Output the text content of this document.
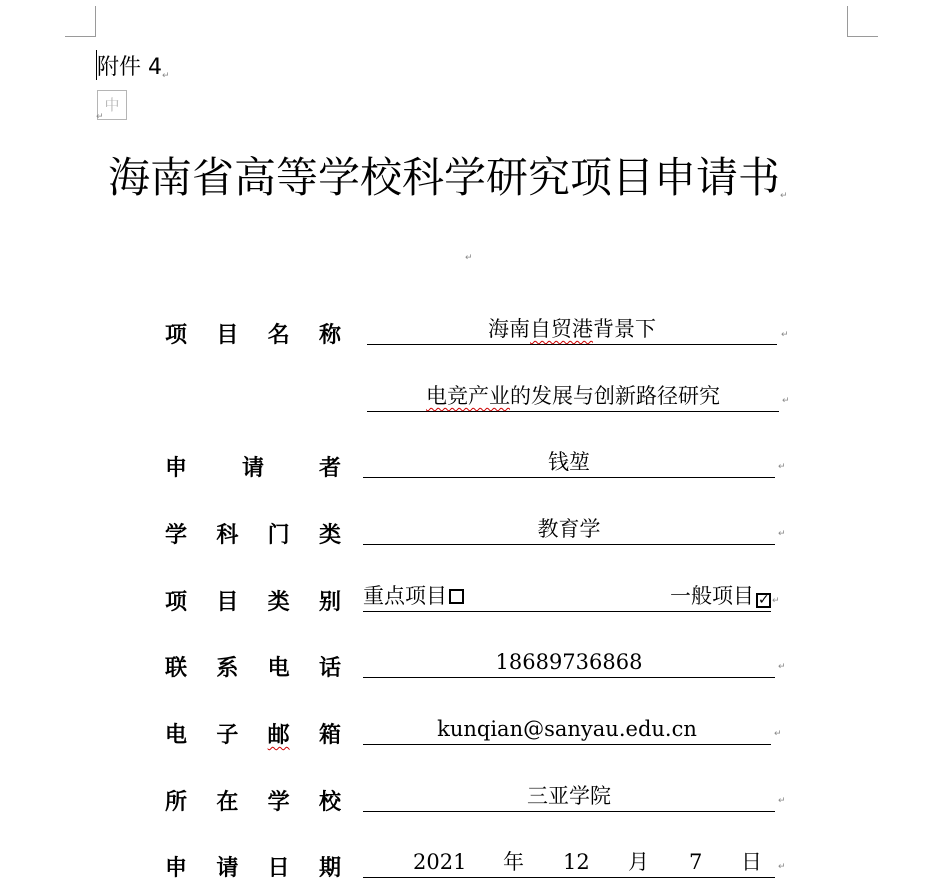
附件 4↵
中
↵
海南省高等学校科学研究项目申请书↵
↵
项 目 名 称	海南自贸港背景下	↵
电竞产业的发展与创新路径研究	↵
申 请 者	钱堃	↵
学 科 门 类	教育学	↵
项 目 类 别 重点项目	一般项目 ✓ ↵
联 系 电 话	18689736868	↵
电 子 邮 箱	kunqian@sanyau.edu.cn	↵
所 在 学 校	三亚学院	↵
申 请 日 期	2021 年 12 月 7 日 ↵
